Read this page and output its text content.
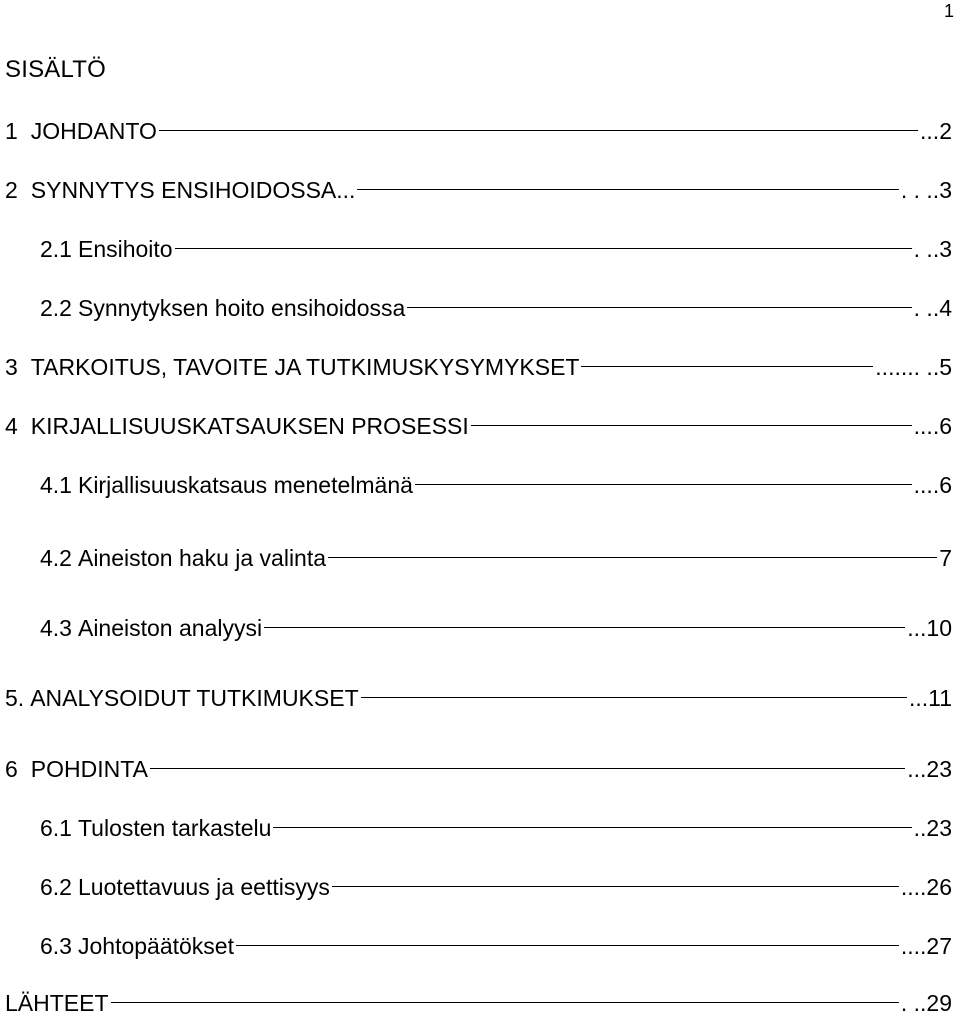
1
SISÄLTÖ
1 JOHDANTO	. ..2
2 SYNNYTYS ENSIHOIDOSSA...	. . .. 3
2.1 Ensihoito	. . .3
2.2 Synnytyksen hoito ensihoidossa	. . .4
3 TARKOITUS, TAVOITE JA TUTKIMUSKYSYMYKSET	....... . .5
4 KIRJALLISUUSKATSAUKSEN PROSESSI	... .6
4.1 Kirjallisuuskatsaus menetelmänä	... .6
4.2 Aineiston haku ja valinta	7
4.3 Aineiston analyysi	... 10
5. ANALYSOIDUT TUTKIMUKSET	.. .11
6 POHDINTA	... 23
6.1 Tulosten tarkastelu	. .23
6.2 Luotettavuus ja eettisyys	.... 26
6.3 Johtopäätökset	.... 27
LÄHTEET	. . .29
